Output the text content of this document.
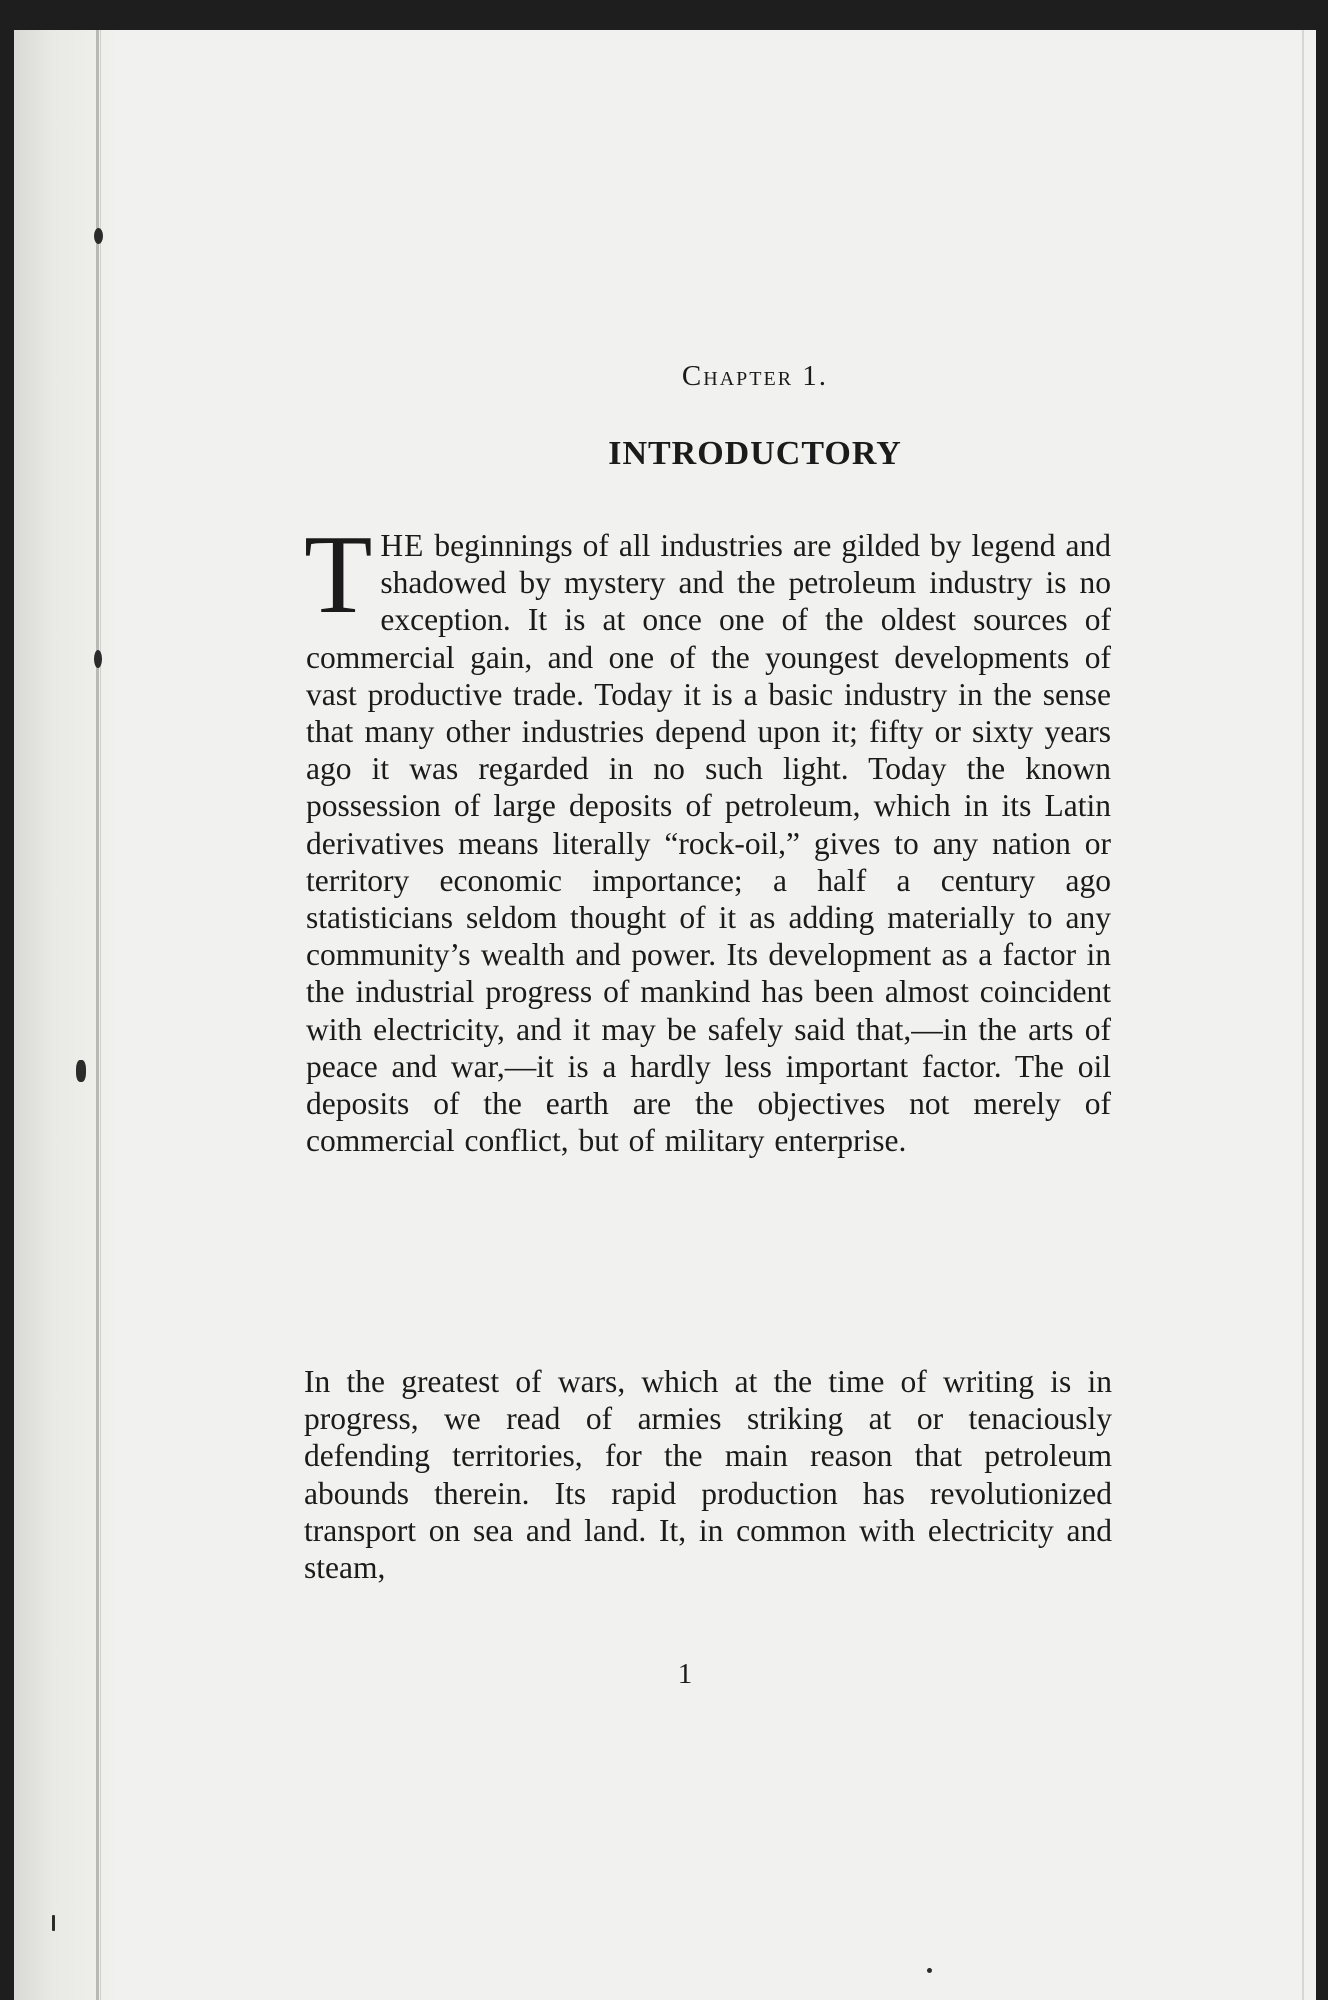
Chapter 1.
INTRODUCTORY

THE beginnings of all industries are gilded by legend and shadowed by mystery and the petroleum industry is no exception. It is at once one of the oldest sources of commercial gain, and one of the youngest developments of vast productive trade. Today it is a basic industry in the sense that many other industries depend upon it; fifty or sixty years ago it was regarded in no such light. Today the known possession of large deposits of petroleum, which in its Latin derivatives means literally “rock-oil,” gives to any nation or territory economic importance; a half a century ago statisticians seldom thought of it as adding materially to any community’s wealth and power. Its development as a factor in the industrial progress of mankind has been almost coincident with electricity, and it may be safely said that,—in the arts of peace and war,—it is a hardly less important factor. The oil deposits of the earth are the objectives not merely of commercial conflict, but of military enterprise.

In the greatest of wars, which at the time of writing is in progress, we read of armies striking at or tenaciously defending territories, for the main reason that petroleum abounds therein. Its rapid production has revolutionized transport on sea and land. It, in common with electricity and steam,

1
